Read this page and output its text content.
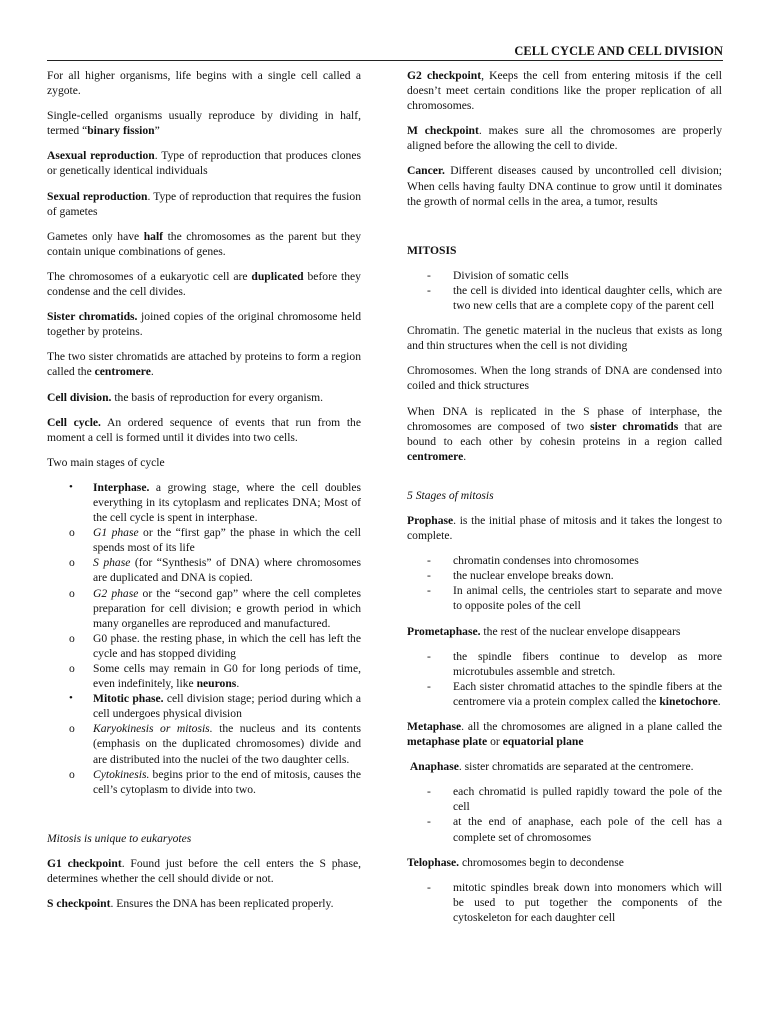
CELL CYCLE AND CELL DIVISION

For all higher organisms, life begins with a single cell called a zygote.

Single-celled organisms usually reproduce by dividing in half, termed “binary fission”

Asexual reproduction. Type of reproduction that produces clones or genetically identical individuals

Sexual reproduction. Type of reproduction that requires the fusion of gametes

Gametes only have half the chromosomes as the parent but they contain unique combinations of genes.

The chromosomes of a eukaryotic cell are duplicated before they condense and the cell divides.

Sister chromatids. joined copies of the original chromosome held together by proteins.

The two sister chromatids are attached by proteins to form a region called the centromere.

Cell division. the basis of reproduction for every organism.

Cell cycle. An ordered sequence of events that run from the moment a cell is formed until it divides into two cells.

Two main stages of cycle

• Interphase. a growing stage, where the cell doubles everything in its cytoplasm and replicates DNA; Most of the cell cycle is spent in interphase.
o G1 phase or the “first gap” the phase in which the cell spends most of its life
o S phase (for “Synthesis” of DNA) where chromosomes are duplicated and DNA is copied.
o G2 phase or the “second gap” where the cell completes preparation for cell division; e growth period in which many organelles are reproduced and manufactured.
o G0 phase. the resting phase, in which the cell has left the cycle and has stopped dividing
o Some cells may remain in G0 for long periods of time, even indefinitely, like neurons.
• Mitotic phase. cell division stage; period during which a cell undergoes physical division
o Karyokinesis or mitosis. the nucleus and its contents (emphasis on the duplicated chromosomes) divide and are distributed into the nuclei of the two daughter cells.
o Cytokinesis. begins prior to the end of mitosis, causes the cell’s cytoplasm to divide into two.

Mitosis is unique to eukaryotes

G1 checkpoint. Found just before the cell enters the S phase, determines whether the cell should divide or not.

S checkpoint. Ensures the DNA has been replicated properly.

G2 checkpoint, Keeps the cell from entering mitosis if the cell doesn’t meet certain conditions like the proper replication of all chromosomes.

M checkpoint. makes sure all the chromosomes are properly aligned before the allowing the cell to divide.

Cancer. Different diseases caused by uncontrolled cell division; When cells having faulty DNA continue to grow until it dominates the growth of normal cells in the area, a tumor, results

MITOSIS

- Division of somatic cells
- the cell is divided into identical daughter cells, which are two new cells that are a complete copy of the parent cell

Chromatin. The genetic material in the nucleus that exists as long and thin structures when the cell is not dividing

Chromosomes. When the long strands of DNA are condensed into coiled and thick structures

When DNA is replicated in the S phase of interphase, the chromosomes are composed of two sister chromatids that are bound to each other by cohesin proteins in a region called centromere.

5 Stages of mitosis

Prophase. is the initial phase of mitosis and it takes the longest to complete.

- chromatin condenses into chromosomes
- the nuclear envelope breaks down.
- In animal cells, the centrioles start to separate and move to opposite poles of the cell

Prometaphase. the rest of the nuclear envelope disappears

- the spindle fibers continue to develop as more microtubules assemble and stretch.
- Each sister chromatid attaches to the spindle fibers at the centromere via a protein complex called the kinetochore.

Metaphase. all the chromosomes are aligned in a plane called the metaphase plate or equatorial plane

Anaphase. sister chromatids are separated at the centromere.

- each chromatid is pulled rapidly toward the pole of the cell
- at the end of anaphase, each pole of the cell has a complete set of chromosomes

Telophase. chromosomes begin to decondense

- mitotic spindles break down into monomers which will be used to put together the components of the cytoskeleton for each daughter cell
